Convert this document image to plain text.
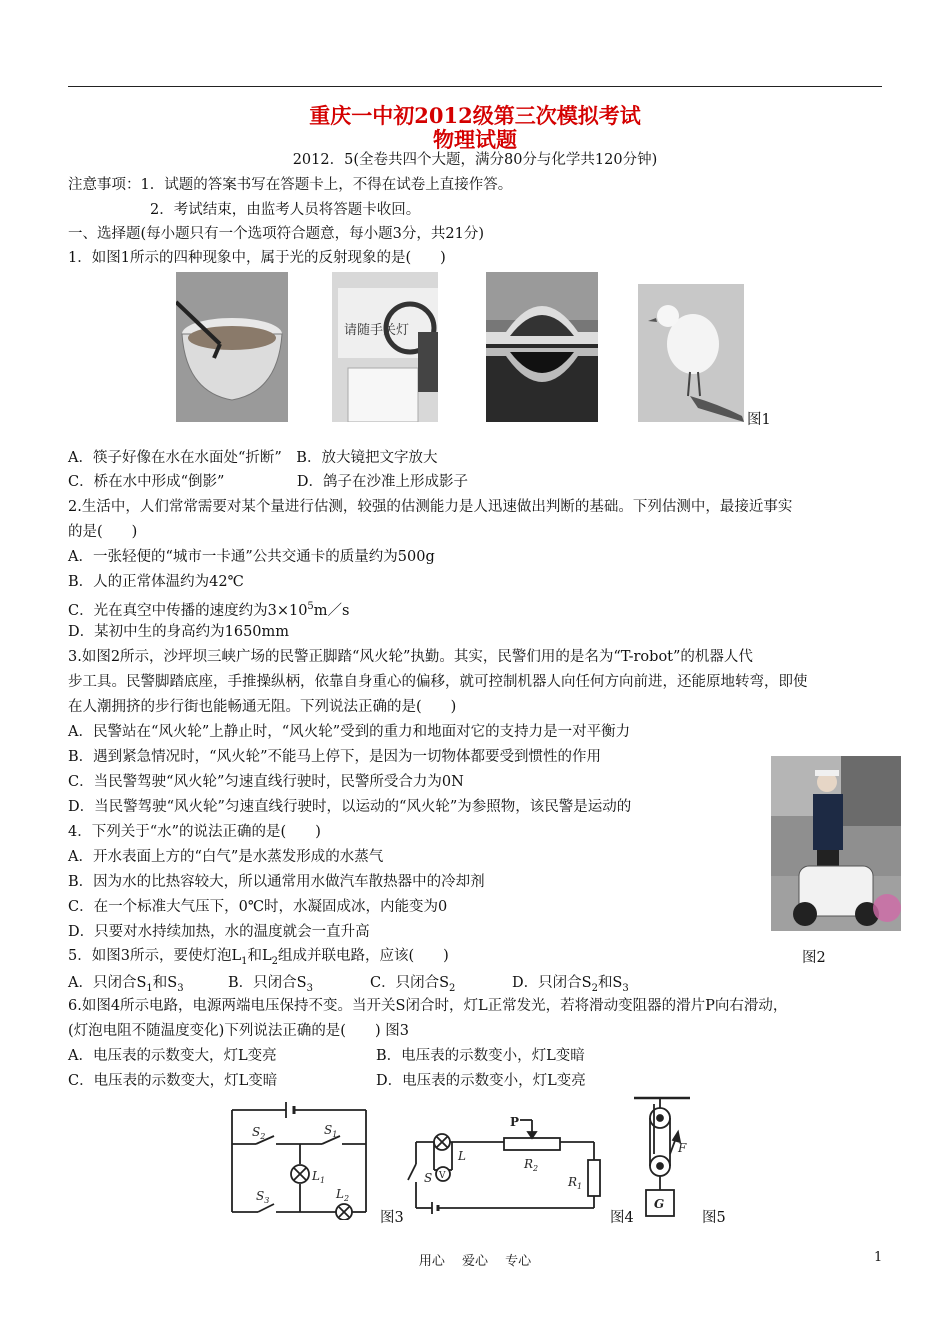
重庆一中初2012级第三次模拟考试
物理试题
2012．5(全卷共四个大题，满分80分与化学共120分钟)
注意事项：1．试题的答案书写在答题卡上，不得在试卷上直接作答。
2．考试结束，由监考人员将答题卡收回。
一、选择题(每小题只有一个选项符合题意，每小题3分，共21分)
1．如图1所示的四种现象中，属于光的反射现象的是(　　)
请随手关灯
图1
A．筷子好像在水在水面处“折断”　B．放大镜把文字放大
C．桥在水中形成“倒影”　　　　　D．鸽子在沙准上形成影子
2.生活中，人们常常需要对某个量进行估测，较强的估测能力是人迅速做出判断的基础。下列估测中，最接近事实
的是(　　)
A．一张轻便的“城市一卡通”公共交通卡的质量约为500g
B．人的正常体温约为42℃
C．光在真空中传播的速度约为$3\times 10^5m/s$
D．某初中生的身高约为1650mm
3.如图2所示，沙坪坝三峡广场的民警正脚踏“风火轮”执勤。其实，民警们用的是名为“T-robot”的机器人代
步工具。民警脚踏底座，手推操纵柄，依靠自身重心的偏移，就可控制机器人向任何方向前进，还能原地转弯，即使
在人潮拥挤的步行街也能畅通无阻。下列说法正确的是(　　)
A．民警站在“风火轮”上静止时，“风火轮”受到的重力和地面对它的支持力是一对平衡力
B．遇到紧急情况时，“风火轮”不能马上停下，是因为一切物体都要受到惯性的作用
C．当民警驾驶“风火轮”匀速直线行驶时，民警所受合力为0N
D．当民警驾驶“风火轮”匀速直线行驶时，以运动的“风火轮”为参照物，该民警是运动的
4．下列关于“水”的说法正确的是(　　)
A．开水表面上方的“白气”是水蒸发形成的水蒸气
B．因为水的比热容较大，所以通常用水做汽车散热器中的冷却剂
C．在一个标准大气压下，0℃时，水凝固成冰，内能变为0
D．只要对水持续加热，水的温度就会一直升高
5．如图3所示，要使灯泡$L_1$和$L_2$组成并联电路，应该(　　)	图2
A．只闭合$S_1$和$S_3$	B．只闭合$S_3$	C．只闭合$S_2$	D．只闭合$S_2$和$S_3$
6.如图4所示电路，电源两端电压保持不变。当开关S闭合时，灯L正常发光，若将滑动变阻器的滑片P向右滑动，
(灯泡电阻不随温度变化)下列说法正确的是(　　) 图3
A．电压表的示数变大，灯L变亮	B．电压表的示数变小，灯L变暗
C．电压表的示数变大，灯L变暗	D．电压表的示数变小，灯L变亮
$S_2$	$S_1$
$L_1$
$S_3$	$L_2$
图3
V
L
S
P
$R_2$
$R_1$
图4
F
G
图5
用心　 爱心　 专心	1
